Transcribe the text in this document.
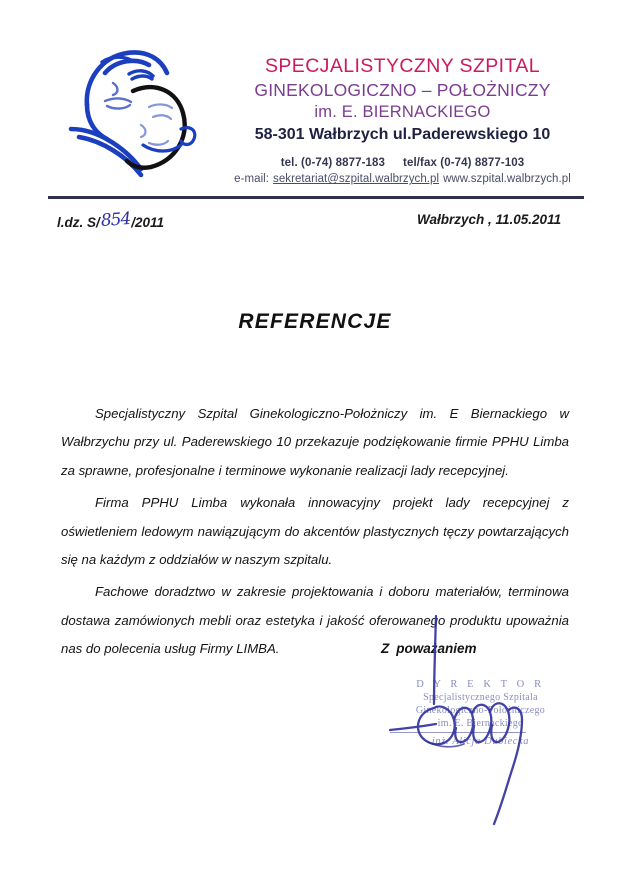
SPECJALISTYCZNY SZPITAL
GINEKOLOGICZNO – POŁOŻNICZY
im. E. BIERNACKIEGO
58-301 Wałbrzych ul.Paderewskiego 10
tel. (0-74) 8877-183 tel/fax (0-74) 8877-103
e-mail: sekretariat@szpital.walbrzych.pl www.szpital.walbrzych.pl
l.dz. S/854/2011	Wałbrzych , 11.05.2011
REFERENCJE

Specjalistyczny Szpital Ginekologiczno-Położniczy im. E Biernackiego w Wałbrzychu przy ul. Paderewskiego 10 przekazuje podziękowanie firmie PPHU Limba za sprawne, profesjonalne i terminowe wykonanie realizacji lady recepcyjnej.

Firma PPHU Limba wykonała innowacyjny projekt lady recepcyjnej z oświetleniem ledowym nawiązującym do akcentów plastycznych tęczy powtarzających się na każdym z oddziałów w naszym szpitalu.

Fachowe doradztwo w zakresie projektowania i doboru materiałów, terminowa dostawa zamówionych mebli oraz estetyka i jakość oferowanego produktu upoważnia nas do polecenia usług Firmy LIMBA.	Z poważaniem
D Y R E K T O R
Specjalistycznego Szpitala
Ginekologiczno-Położniczego
im. E. Biernackiego
inż. Alicja Dubiecka
